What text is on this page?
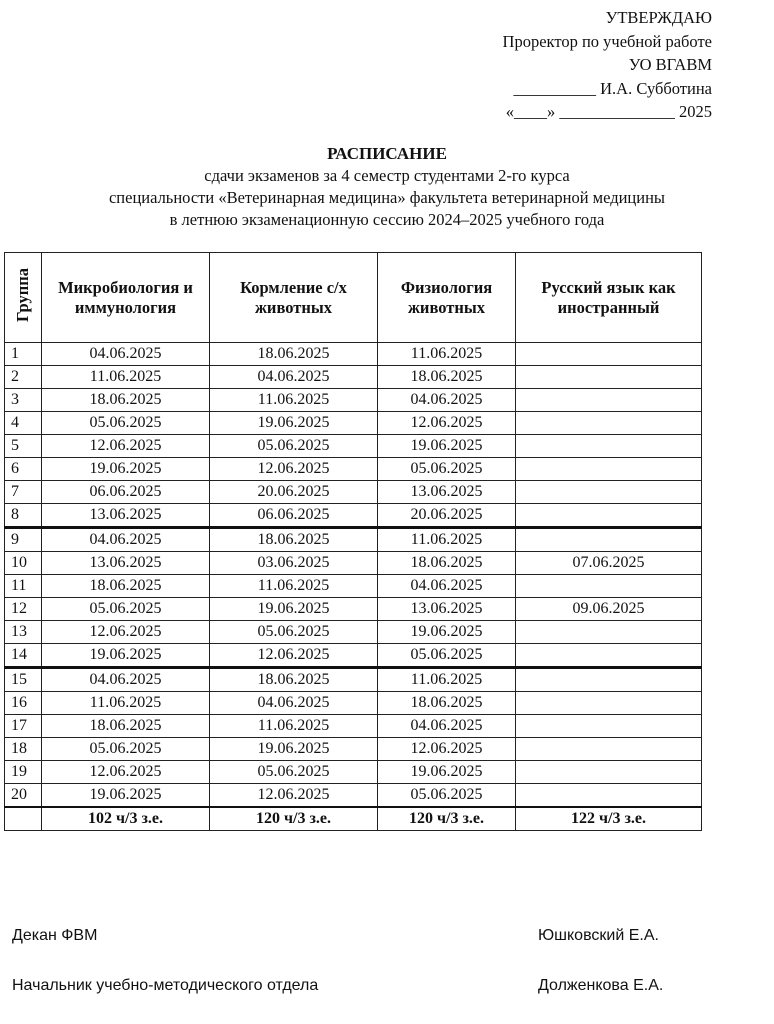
УТВЕРЖДАЮ
Проректор по учебной работе
УО ВГАВМ
__________ И.А. Субботина
«____» ______________ 2025
РАСПИСАНИЕ
сдачи экзаменов за 4 семестр студентами 2-го курса
специальности «Ветеринарная медицина» факультета ветеринарной медицины
в летнюю экзаменационную сессию 2024–2025 учебного года
Группа	Микробиология и иммунология	Кормление с/х животных	Физиология животных	Русский язык как иностранный
1	04.06.2025	18.06.2025	11.06.2025	
2	11.06.2025	04.06.2025	18.06.2025	
3	18.06.2025	11.06.2025	04.06.2025	
4	05.06.2025	19.06.2025	12.06.2025	
5	12.06.2025	05.06.2025	19.06.2025	
6	19.06.2025	12.06.2025	05.06.2025	
7	06.06.2025	20.06.2025	13.06.2025	
8	13.06.2025	06.06.2025	20.06.2025	
9	04.06.2025	18.06.2025	11.06.2025	
10	13.06.2025	03.06.2025	18.06.2025	07.06.2025
11	18.06.2025	11.06.2025	04.06.2025	
12	05.06.2025	19.06.2025	13.06.2025	09.06.2025
13	12.06.2025	05.06.2025	19.06.2025	
14	19.06.2025	12.06.2025	05.06.2025	
15	04.06.2025	18.06.2025	11.06.2025	
16	11.06.2025	04.06.2025	18.06.2025	
17	18.06.2025	11.06.2025	04.06.2025	
18	05.06.2025	19.06.2025	12.06.2025	
19	12.06.2025	05.06.2025	19.06.2025	
20	19.06.2025	12.06.2025	05.06.2025	
	102 ч/3 з.е.	120 ч/3 з.е.	120 ч/3 з.е.	122 ч/3 з.е.
Декан ФВМ	Юшковский Е.А.
Начальник учебно-методического отдела	Долженкова Е.А.
